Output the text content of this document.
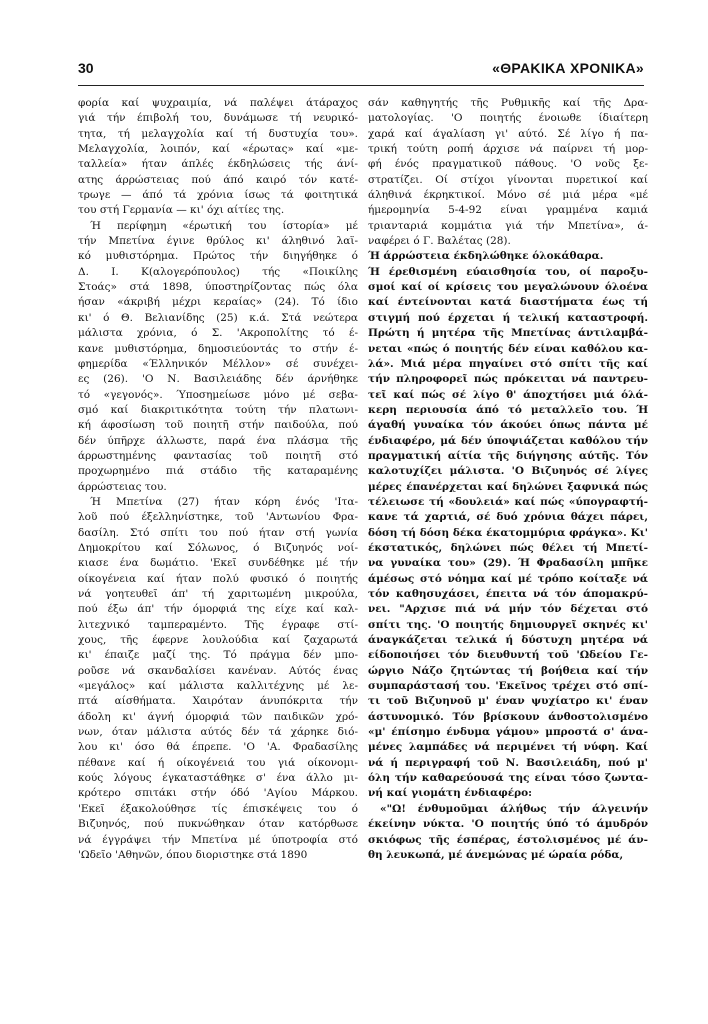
30	«ΘΡΑΚΙΚΑ ΧΡΟΝΙΚΑ»
φορία καί ψυχραιμία, νά παλέψει άτάραχος
γιά τήν έπιβολή του, δυνάμωσε τή νευρικό-
τητα, τή μελαγχολία καί τή δυστυχία του».
Μελαγχολία, λοιπόν, καί «έρωτας» καί «με-
ταλλεία» ήταν άπλές έκδηλώσεις τής άνί-
ατης άρρώστειας πού άπό καιρό τόν κατέ-
τρωγε — άπό τά χρόνια ίσως τά φοιτητικά
του στή Γερμανία — κι' όχι αίτίες της.
Ή περίφημη «έρωτική του ίστορία» μέ
τήν Μπετίνα έγινε θρύλος κι' άληθινό λαϊ-
κό μυθιστόρημα. Πρώτος τήν διηγήθηκε ό
Δ. Ι. Κ(αλογερόπουλος) τής «Ποικίλης
Στοάς» στά 1898, ύποστηρίζοντας πώς όλα
ήσαν «άκριβή μέχρι κεραίας» (24). Τό ίδιο
κι' ό Θ. Βελιανίδης (25) κ.ά. Στά νεώτερα
μάλιστα χρόνια, ό Σ. 'Ακροπολίτης τό έ-
κανε μυθιστόρημα, δημοσιεύοντάς το στήν έ-
φημερίδα «Έλληνικόν Μέλλον» σέ συνέχει-
ες (26). 'Ο Ν. Βασιλειάδης δέν άρνήθηκε
τό «γεγονός». Ύποσημείωσε μόνο μέ σεβα-
σμό καί διακριτικότητα τούτη τήν πλατωνι-
κή άφοσίωση τοῦ ποιητῆ στήν παιδούλα, πού
δέν ύπῆρχε άλλωστε, παρά ένα πλάσμα τῆς
άρρωστημένης φαντασίας τοῦ ποιητῆ στό
προχωρημένο πιά στάδιο τῆς καταραμένης
άρρώστειας του.
Ή Μπετίνα (27) ήταν κόρη ένός 'Ιτα-
λοῦ πού έξελληνίστηκε, τοῦ 'Αντωνίου Φρα-
δασίλη. Στό σπίτι του πού ήταν στή γωνία
Δημοκρίτου καί Σόλωνος, ό Βιζυηνός νοί-
κιασε ένα δωμάτιο. 'Εκεῖ συνδέθηκε μέ τήν
οίκογένεια καί ήταν πολύ φυσικό ό ποιητής
νά γοητευθεῖ άπ' τή χαριτωμένη μικρούλα,
πού έξω άπ' τήν όμορφιά της είχε καί καλ-
λιτεχνικό ταμπεραμέντο. Τῆς έγραφε στί-
χους, τῆς έφερνε λουλούδια καί ζαχαρωτά
κι' έπαιζε μαζί της. Τό πράγμα δέν μπο-
ροῦσε νά σκανδαλίσει κανέναν. Αύτός ένας
«μεγάλος» καί μάλιστα καλλιτέχνης μέ λε-
πτά αίσθήματα. Χαιρόταν άνυπόκριτα τήν
άδολη κι' άγνή όμορφιά τῶν παιδικῶν χρό-
νων, όταν μάλιστα αύτός δέν τά χάρηκε διό-
λου κι' όσο θά έπρεπε. 'Ο 'Α. Φραδασίλης
πέθανε καί ή οίκογένειά του γιά οίκονομι-
κούς λόγους έγκαταστάθηκε σ' ένα άλλο μι-
κρότερο σπιτάκι στήν όδό 'Αγίου Μάρκου.
'Εκεῖ έξακολούθησε τίς έπισκέψεις του ό
Βιζυηνός, πού πυκνώθηκαν όταν κατόρθωσε
νά έγγράψει τήν Μπετίνα μέ ύποτροφία στό
'Ωδεῖο 'Αθηνῶν, όπου διοριστηκε στά 1890
σάν καθηγητής τῆς Ρυθμικῆς καί τῆς Δρα-
ματολογίας. 'Ο ποιητής ένοιωθε ίδιαίτερη
χαρά καί άγαλίαση γι' αύτό. Σέ λίγο ή πα-
τρική τούτη ροπή άρχισε νά παίρνει τή μορ-
φή ένός πραγματικοῦ πάθους. 'Ο νοῦς ξε-
στρατίζει. Οί στίχοι γίνονται πυρετικοί καί
άληθινά έκρηκτικοί. Μόνο σέ μιά μέρα «μέ
ήμερομηνία 5-4-92 είναι γραμμένα καμιά
τριανταριά κομμάτια γιά τήν Μπετίνα», ά-
ναφέρει ό Γ. Βαλέτας (28).
Ή άρρώστεια έκδηλώθηκε όλοκάθαρα.
Ή έρεθισμένη εύαισθησία του, οί παροξυ-
σμοί καί οί κρίσεις του μεγαλώνουν όλοένα
καί έντείνονται κατά διαστήματα έως τή
στιγμή πού έρχεται ή τελική καταστροφή.
Πρώτη ή μητέρα τῆς Μπετίνας άντιλαμβά-
νεται «πώς ό ποιητής δέν είναι καθόλου κα-
λά». Μιά μέρα πηγαίνει στό σπίτι τῆς καί
τήν πληροφορεῖ πώς πρόκειται νά παντρευ-
τεῖ καί πώς σέ λίγο θ' άποχτήσει μιά όλά-
κερη περιουσία άπό τό μεταλλεῖο του. Ή
άγαθή γυναίκα τόν άκούει όπως πάντα μέ
ένδιαφέρο, μά δέν ύποψιάζεται καθόλου τήν
πραγματική αίτία τῆς διήγησης αύτῆς. Τόν
καλοτυχίζει μάλιστα. 'Ο Βιζυηνός σέ λίγες
μέρες έπανέρχεται καί δηλώνει ξαφνικά πώς
τέλειωσε τή «δουλειά» καί πώς «ύπογραφτή-
κανε τά χαρτιά, σέ δυό χρόνια θάχει πάρει,
δόση τή δόση δέκα έκατομμύρια φράγκα». Κι'
έκστατικός, δηλώνει πώς θέλει τή Μπετί-
να γυναίκα του» (29). Ή Φραδασίλη μπῆκε
άμέσως στό νόημα καί μέ τρόπο κοίταξε νά
τόν καθησυχάσει, έπειτα νά τόν άπομακρύ-
νει. "Αρχισε πιά νά μήν τόν δέχεται στό
σπίτι της. 'Ο ποιητής δημιουργεῖ σκηνές κι'
άναγκάζεται τελικά ή δύστυχη μητέρα νά
είδοποιήσει τόν διευθυντή τοῦ 'Ωδείου Γε-
ώργιο Νάζο ζητώντας τή βοήθεια καί τήν
συμπαράστασή του. 'Εκεῖνος τρέχει στό σπί-
τι τοῦ Βιζυηνοῦ μ' έναν ψυχίατρο κι' έναν
άστυνομικό. Τόν βρίσκουν άνθοστολισμένο
«μ' έπίσημο ένδυμα γάμου» μπροστά σ' άνα-
μένες λαμπάδες νά περιμένει τή νύφη. Καί
νά ή περιγραφή τοῦ Ν. Βασιλειάδη, πού μ'
όλη τήν καθαρεύουσά της είναι τόσο ζωντα-
νή καί γιομάτη ένδιαφέρο:
«"Ω! ένθυμοῦμαι άλήθως τήν άλγεινήν
έκείνην νύκτα. 'Ο ποιητής ύπό τό άμυδρόν
σκιόφως τῆς έσπέρας, έστολισμένος μέ άν-
θη λευκωπά, μέ άνεμώνας μέ ώραία ρόδα,
